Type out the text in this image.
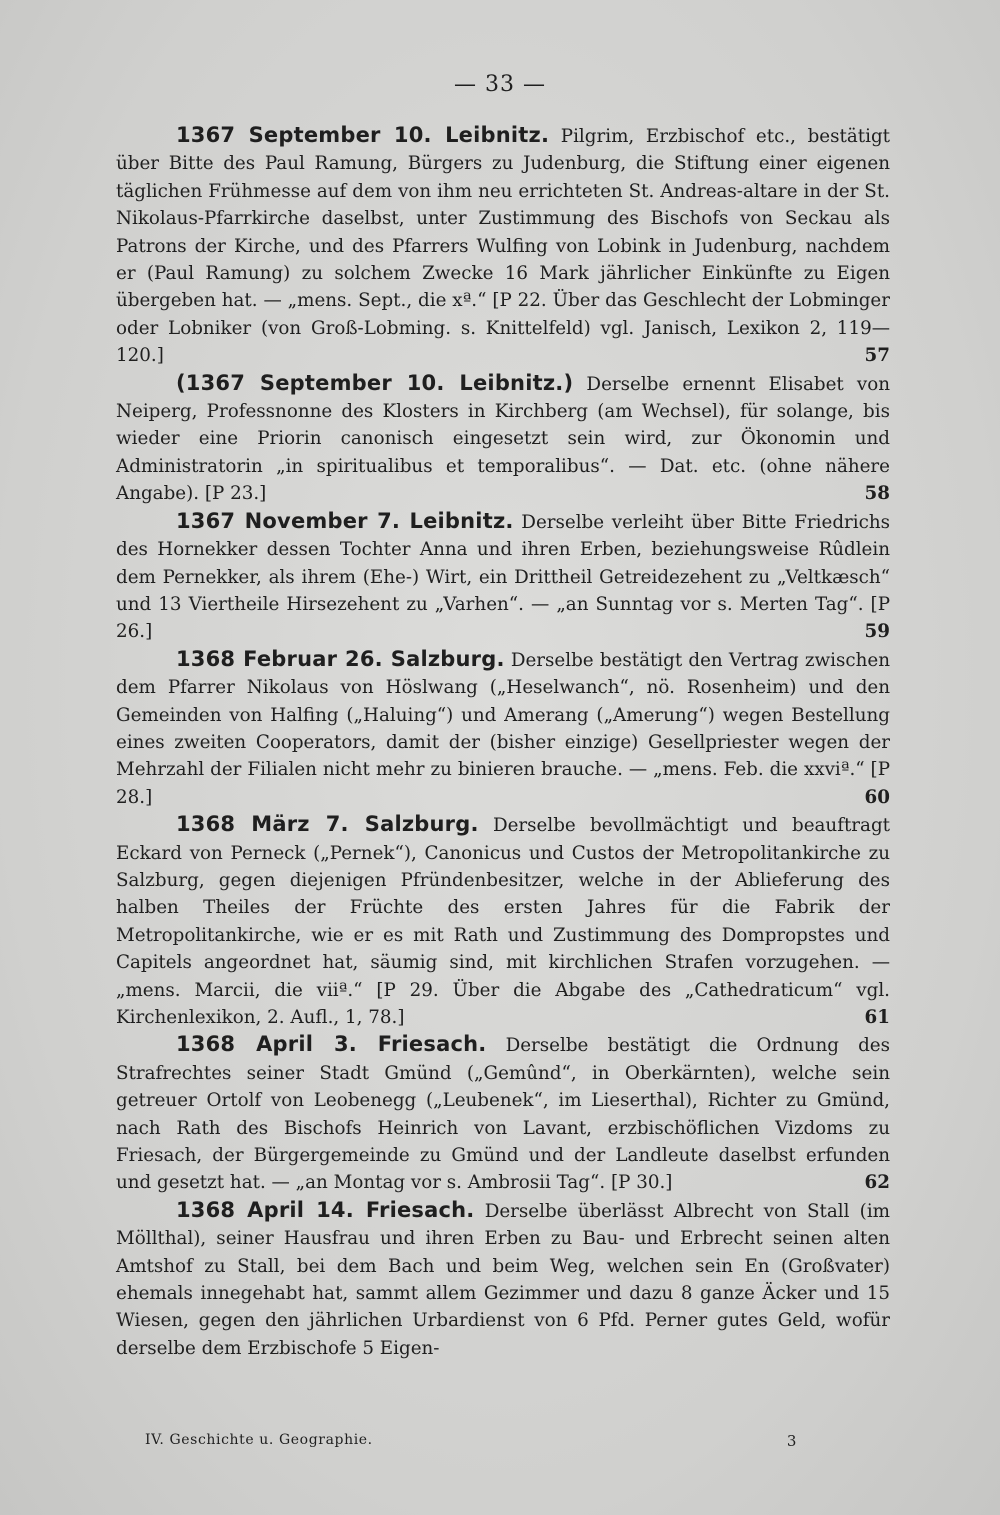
— 33 —

1367 September 10. Leibnitz. Pilgrim, Erzbischof etc., bestätigt über Bitte des Paul Ramung, Bürgers zu Judenburg, die Stiftung einer eigenen täglichen Frühmesse auf dem von ihm neu errichteten St. Andreas-altare in der St. Nikolaus-Pfarrkirche daselbst, unter Zustimmung des Bischofs von Seckau als Patrons der Kirche, und des Pfarrers Wulfing von Lobink in Judenburg, nachdem er (Paul Ramung) zu solchem Zwecke 16 Mark jährlicher Einkünfte zu Eigen übergeben hat. — „mens. Sept., die xª.“ [P 22. Über das Geschlecht der Lobminger oder Lobniker (von Groß-Lobming. s. Knittelfeld) vgl. Janisch, Lexikon 2, 119—120.]	57

(1367 September 10. Leibnitz.) Derselbe ernennt Elisabet von Neiperg, Professnonne des Klosters in Kirchberg (am Wechsel), für solange, bis wieder eine Priorin canonisch eingesetzt sein wird, zur Ökonomin und Administratorin „in spiritualibus et temporalibus“. — Dat. etc. (ohne nähere Angabe). [P 23.]	58

1367 November 7. Leibnitz. Derselbe verleiht über Bitte Friedrichs des Hornekker dessen Tochter Anna und ihren Erben, beziehungsweise Rûdlein dem Pernekker, als ihrem (Ehe-) Wirt, ein Drittheil Getreidezehent zu „Veltkæsch“ und 13 Viertheile Hirsezehent zu „Varhen“. — „an Sunntag vor s. Merten Tag“. [P 26.]	59

1368 Februar 26. Salzburg. Derselbe bestätigt den Vertrag zwischen dem Pfarrer Nikolaus von Höslwang („Heselwanch“, nö. Rosenheim) und den Gemeinden von Halfing („Haluing“) und Amerang („Amerung“) wegen Bestellung eines zweiten Cooperators, damit der (bisher einzige) Gesellpriester wegen der Mehrzahl der Filialen nicht mehr zu binieren brauche. — „mens. Feb. die xxviª.“ [P 28.]	60

1368 März 7. Salzburg. Derselbe bevollmächtigt und beauftragt Eckard von Perneck („Pernek“), Canonicus und Custos der Metropolitankirche zu Salzburg, gegen diejenigen Pfründenbesitzer, welche in der Ablieferung des halben Theiles der Früchte des ersten Jahres für die Fabrik der Metropolitankirche, wie er es mit Rath und Zustimmung des Dompropstes und Capitels angeordnet hat, säumig sind, mit kirchlichen Strafen vorzugehen. — „mens. Marcii, die viiª.“ [P 29. Über die Abgabe des „Cathedraticum“ vgl. Kirchenlexikon, 2. Aufl., 1, 78.]	61

1368 April 3. Friesach. Derselbe bestätigt die Ordnung des Strafrechtes seiner Stadt Gmünd („Gemûnd“, in Oberkärnten), welche sein getreuer Ortolf von Leobenegg („Leubenek“, im Lieserthal), Richter zu Gmünd, nach Rath des Bischofs Heinrich von Lavant, erzbischöflichen Vizdoms zu Friesach, der Bürgergemeinde zu Gmünd und der Landleute daselbst erfunden und gesetzt hat. — „an Montag vor s. Ambrosii Tag“. [P 30.]	62

1368 April 14. Friesach. Derselbe überlässt Albrecht von Stall (im Möllthal), seiner Hausfrau und ihren Erben zu Bau- und Erbrecht seinen alten Amtshof zu Stall, bei dem Bach und beim Weg, welchen sein En (Großvater) ehemals innegehabt hat, sammt allem Gezimmer und dazu 8 ganze Äcker und 15 Wiesen, gegen den jährlichen Urbardienst von 6 Pfd. Perner gutes Geld, wofür derselbe dem Erzbischofe 5 Eigen-

IV. Geschichte u. Geographie.	3
